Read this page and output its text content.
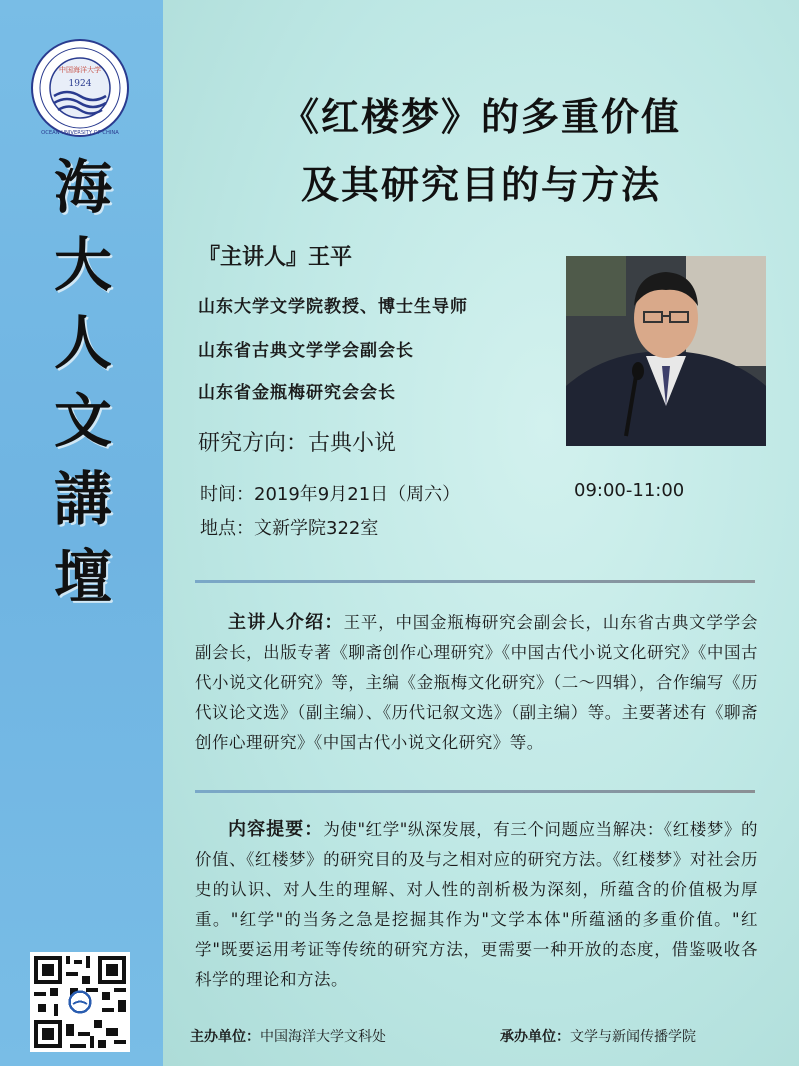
中国海洋大学
1924
OCEAN UNIVERSITY OF CHINA
海
大
人
文
講
壇
《红楼梦》的多重价值
及其研究目的与方法
『主讲人』王平
山东大学文学院教授、博士生导师
山东省古典文学学会副会长
山东省金瓶梅研究会会长
研究方向：古典小说
时间：2019年9月21日（周六）	09:00-11:00
地点：文新学院322室
主讲人介绍：王平，中国金瓶梅研究会副会长，山东省古典文学学会副会长，出版专著《聊斋创作心理研究》《中国古代小说文化研究》《中国古代小说文化研究》等，主编《金瓶梅文化研究》（二～四辑），合作编写《历代议论文选》（副主编）、《历代记叙文选》（副主编）等。主要著述有《聊斋创作心理研究》《中国古代小说文化研究》等。
内容提要：为使"红学"纵深发展，有三个问题应当解决：《红楼梦》的价值、《红楼梦》的研究目的及与之相对应的研究方法。《红楼梦》对社会历史的认识、对人生的理解、对人性的剖析极为深刻，所蕴含的价值极为厚重。"红学"的当务之急是挖掘其作为"文学本体"所蕴涵的多重价值。"红学"既要运用考证等传统的研究方法，更需要一种开放的态度，借鉴吸收各科学的理论和方法。
主办单位：中国海洋大学文科处	承办单位：文学与新闻传播学院
